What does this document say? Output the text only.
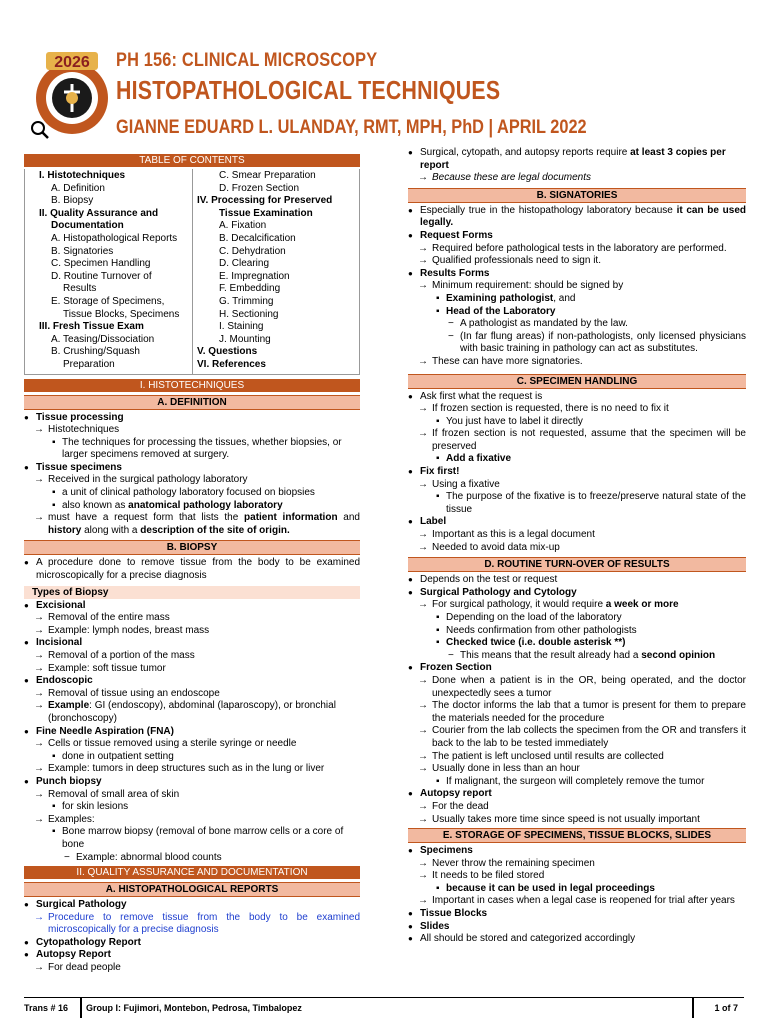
2026 PH 156: CLINICAL MICROSCOPY
HISTOPATHOLOGICAL TECHNIQUES
GIANNE EDUARD L. ULANDAY, RMT, MPH, PhD | APRIL 2022
TABLE OF CONTENTS
I. Histotechniques
A. Definition
B. Biopsy
II. Quality Assurance and
Documentation
A. Histopathological Reports
B. Signatories
C. Specimen Handling
D. Routine Turnover of
Results
E. Storage of Specimens,
Tissue Blocks, Specimens
III. Fresh Tissue Exam
A. Teasing/Dissociation
B. Crushing/Squash
Preparation
C. Smear Preparation
D. Frozen Section
IV. Processing for Preserved
Tissue Examination
A. Fixation
B. Decalcification
C. Dehydration
D. Clearing
E. Impregnation
F. Embedding
G. Trimming
H. Sectioning
I. Staining
J. Mounting
V. Questions
VI. References
I. HISTOTECHNIQUES
A. DEFINITION
● Tissue processing
→ Histotechniques
▪ The techniques for processing the tissues, whether biopsies, or larger specimens removed at surgery.
● Tissue specimens
→ Received in the surgical pathology laboratory
▪ a unit of clinical pathology laboratory focused on biopsies
▪ also known as anatomical pathology laboratory
→ must have a request form that lists the patient information and history along with a description of the site of origin.
B. BIOPSY
● A procedure done to remove tissue from the body to be examined microscopically for a precise diagnosis
Types of Biopsy
● Excisional
→ Removal of the entire mass
→ Example: lymph nodes, breast mass
● Incisional
→ Removal of a portion of the mass
→ Example: soft tissue tumor
● Endoscopic
→ Removal of tissue using an endoscope
→ Example: GI (endoscopy), abdominal (laparoscopy), or bronchial (bronchoscopy)
● Fine Needle Aspiration (FNA)
→ Cells or tissue removed using a sterile syringe or needle
▪ done in outpatient setting
→ Example: tumors in deep structures such as in the lung or liver
● Punch biopsy
→ Removal of small area of skin
▪ for skin lesions
→ Examples:
▪ Bone marrow biopsy (removal of bone marrow cells or a core of bone
− Example: abnormal blood counts
II. QUALITY ASSURANCE AND DOCUMENTATION
A. HISTOPATHOLOGICAL REPORTS
● Surgical Pathology
→ Procedure to remove tissue from the body to be examined microscopically for a precise diagnosis
● Cytopathology Report
● Autopsy Report
→ For dead people
● Surgical, cytopath, and autopsy reports require at least 3 copies per report
→ Because these are legal documents
B. SIGNATORIES
● Especially true in the histopathology laboratory because it can be used legally.
● Request Forms
→ Required before pathological tests in the laboratory are performed.
→ Qualified professionals need to sign it.
● Results Forms
→ Minimum requirement: should be signed by
▪ Examining pathologist, and
▪ Head of the Laboratory
− A pathologist as mandated by the law.
− (In far flung areas) if non-pathologists, only licensed physicians with basic training in pathology can act as substitutes.
→ These can have more signatories.
C. SPECIMEN HANDLING
● Ask first what the request is
→ If frozen section is requested, there is no need to fix it
▪ You just have to label it directly
→ If frozen section is not requested, assume that the specimen will be preserved
▪ Add a fixative
● Fix first!
→ Using a fixative
▪ The purpose of the fixative is to freeze/preserve natural state of the tissue
● Label
→ Important as this is a legal document
→ Needed to avoid data mix-up
D. ROUTINE TURN-OVER OF RESULTS
● Depends on the test or request
● Surgical Pathology and Cytology
→ For surgical pathology, it would require a week or more
▪ Depending on the load of the laboratory
▪ Needs confirmation from other pathologists
▪ Checked twice (i.e. double asterisk **)
− This means that the result already had a second opinion
● Frozen Section
→ Done when a patient is in the OR, being operated, and the doctor unexpectedly sees a tumor
→ The doctor informs the lab that a tumor is present for them to prepare the materials needed for the procedure
→ Courier from the lab collects the specimen from the OR and transfers it back to the lab to be tested immediately
→ The patient is left unclosed until results are collected
→ Usually done in less than an hour
▪ If malignant, the surgeon will completely remove the tumor
● Autopsy report
→ For the dead
→ Usually takes more time since speed is not usually important
E. STORAGE OF SPECIMENS, TISSUE BLOCKS, SLIDES
● Specimens
→ Never throw the remaining specimen
→ It needs to be filed stored
▪ because it can be used in legal proceedings
→ Important in cases when a legal case is reopened for trial after years
● Tissue Blocks
● Slides
● All should be stored and categorized accordingly
Trans # 16 Group I: Fujimori, Montebon, Pedrosa, Timbalopez	1 of 7
